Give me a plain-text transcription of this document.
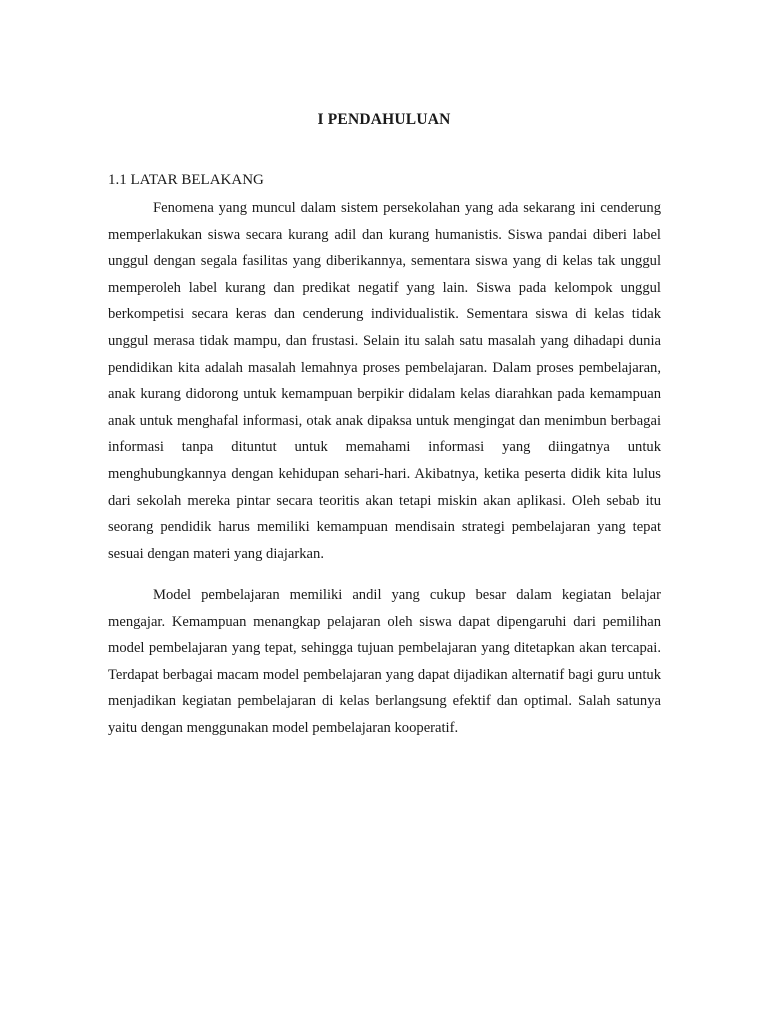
I PENDAHULUAN
1.1 LATAR BELAKANG

Fenomena yang muncul dalam sistem persekolahan yang ada sekarang ini cenderung memperlakukan siswa secara kurang adil dan kurang humanistis. Siswa pandai diberi label unggul dengan segala fasilitas yang diberikannya, sementara siswa yang di kelas tak unggul memperoleh label kurang dan predikat negatif yang lain. Siswa pada kelompok unggul berkompetisi secara keras dan cenderung individualistik. Sementara siswa di kelas tidak unggul merasa tidak mampu, dan frustasi. Selain itu salah satu masalah yang dihadapi dunia pendidikan kita adalah masalah lemahnya proses pembelajaran. Dalam proses pembelajaran, anak kurang didorong untuk kemampuan berpikir didalam kelas diarahkan pada kemampuan anak untuk menghafal informasi, otak anak dipaksa untuk mengingat dan menimbun berbagai informasi tanpa dituntut untuk memahami informasi yang diingatnya untuk menghubungkannya dengan kehidupan sehari-hari. Akibatnya, ketika peserta didik kita lulus dari sekolah mereka pintar secara teoritis akan tetapi miskin akan aplikasi. Oleh sebab itu seorang pendidik harus memiliki kemampuan mendisain strategi pembelajaran yang tepat sesuai dengan materi yang diajarkan.

Model pembelajaran memiliki andil yang cukup besar dalam kegiatan belajar mengajar. Kemampuan menangkap pelajaran oleh siswa dapat dipengaruhi dari pemilihan model pembelajaran yang tepat, sehingga tujuan pembelajaran yang ditetapkan akan tercapai. Terdapat berbagai macam model pembelajaran yang dapat dijadikan alternatif bagi guru untuk menjadikan kegiatan pembelajaran di kelas berlangsung efektif dan optimal. Salah satunya yaitu dengan menggunakan model pembelajaran kooperatif.
